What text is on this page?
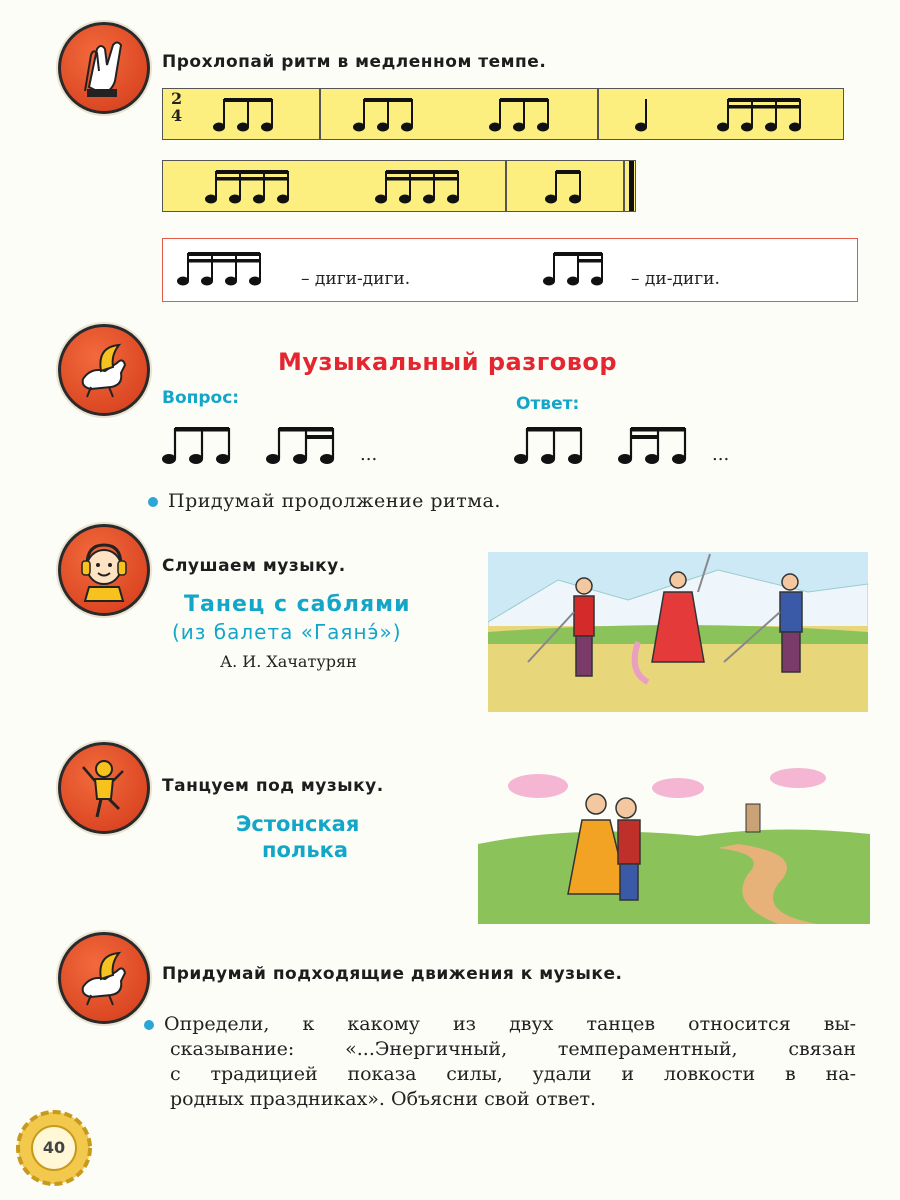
Прохлопай ритм в медленном темпе.
2
4
– диги-диги.	– ди-диги.
Музыкальный разговор
Вопрос:	Ответ:
...	...
Придумай продолжение ритма.
Слушаем музыку.
Танец с саблями
(из балета «Гаянэ́»)
А. И. Хачатурян
Танцуем под музыку.
Эстонская
полька
Придумай подходящие движения к музыке.
Определи, к какому из двух танцев относится вы-
сказывание: «...Энергичный, темпераментный, связан
с традицией показа силы, удали и ловкости в на-
родных праздниках». Объясни свой ответ.
40
